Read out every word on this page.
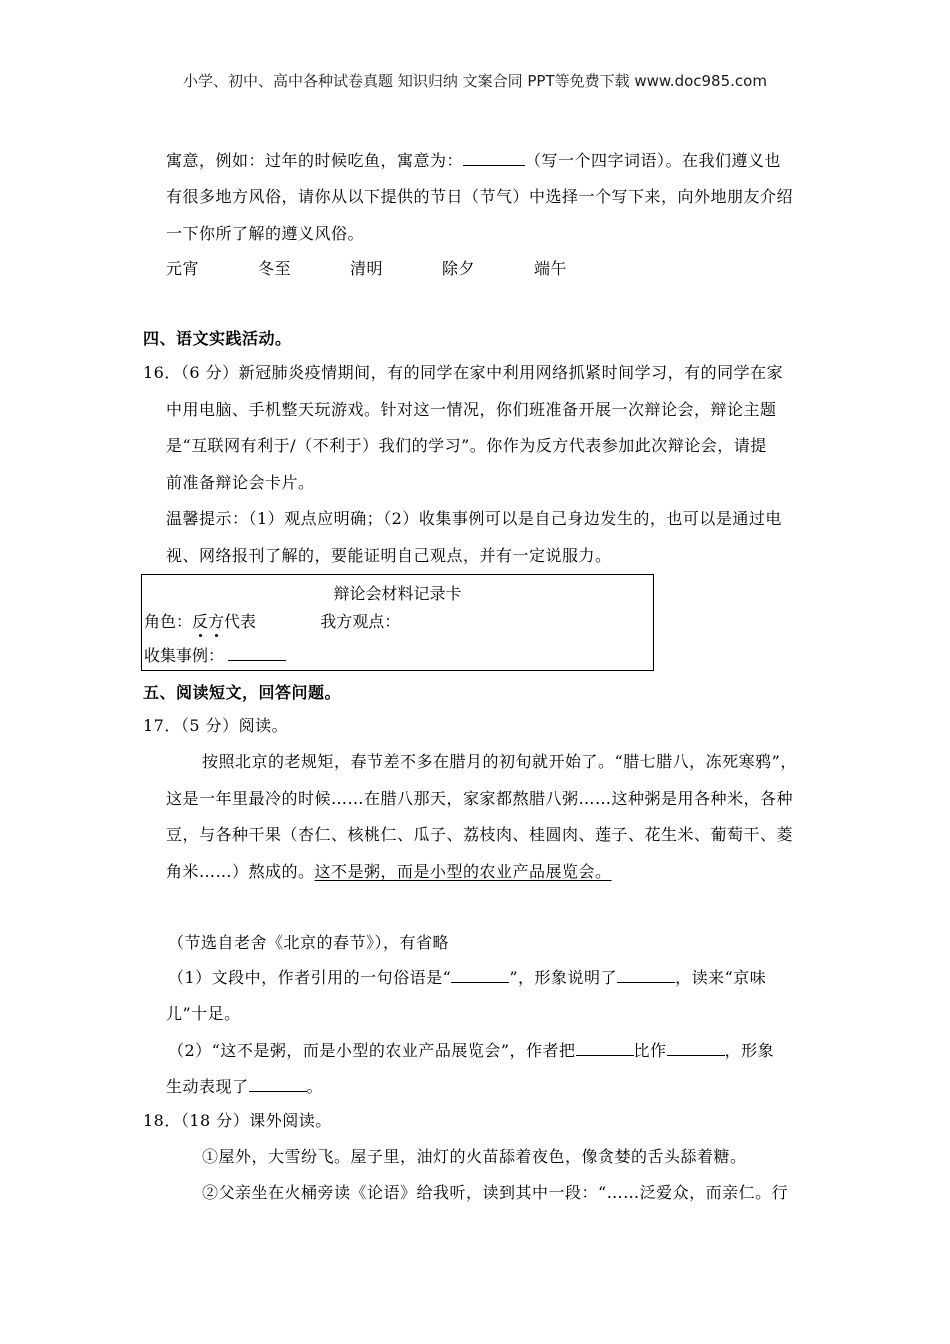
小学、初中、高中各种试卷真题 知识归纳 文案合同 PPT等免费下载 www.doc985.com
寓意，例如：过年的时候吃鱼，寓意为：	（写一个四字词语）。在我们遵义也
有很多地方风俗，请你从以下提供的节日（节气）中选择一个写下来，向外地朋友介绍
一下你所了解的遵义风俗。
元宵	冬至	清明	除夕	端午
四、语文实践活动。
16．（6 分）新冠肺炎疫情期间，有的同学在家中利用网络抓紧时间学习，有的同学在家
中用电脑、手机整天玩游戏。针对这一情况，你们班准备开展一次辩论会，辩论主题
是“互联网有利于/（不利于）我们的学习”。你作为反方代表参加此次辩论会，请提
前准备辩论会卡片。
温馨提示：（1）观点应明确；（2）收集事例可以是自己身边发生的，也可以是通过电
视、网络报刊了解的，要能证明自己观点，并有一定说服力。
辩论会材料记录卡
角色：反方代表	我方观点：
收集事例：
五、阅读短文，回答问题。
17．（5 分）阅读。
按照北京的老规矩，春节差不多在腊月的初旬就开始了。“腊七腊八，冻死寒鸦”，
这是一年里最冷的时候……在腊八那天，家家都熬腊八粥……这种粥是用各种米，各种
豆，与各种干果（杏仁、核桃仁、瓜子、荔枝肉、桂圆肉、莲子、花生米、葡萄干、菱
角米……）熬成的。这不是粥，而是小型的农业产品展览会。
（节选自老舍《北京的春节》），有省略
（1）文段中，作者引用的一句俗语是“	”，形象说明了	，读来“京味
儿”十足。
（2）“这不是粥，而是小型的农业产品展览会”，作者把	比作	，形象
生动表现了	。
18．（18 分）课外阅读。
①屋外，大雪纷飞。屋子里，油灯的火苗舔着夜色，像贪婪的舌头舔着糖。
②父亲坐在火桶旁读《论语》给我听，读到其中一段：“……泛爱众，而亲仁。行
